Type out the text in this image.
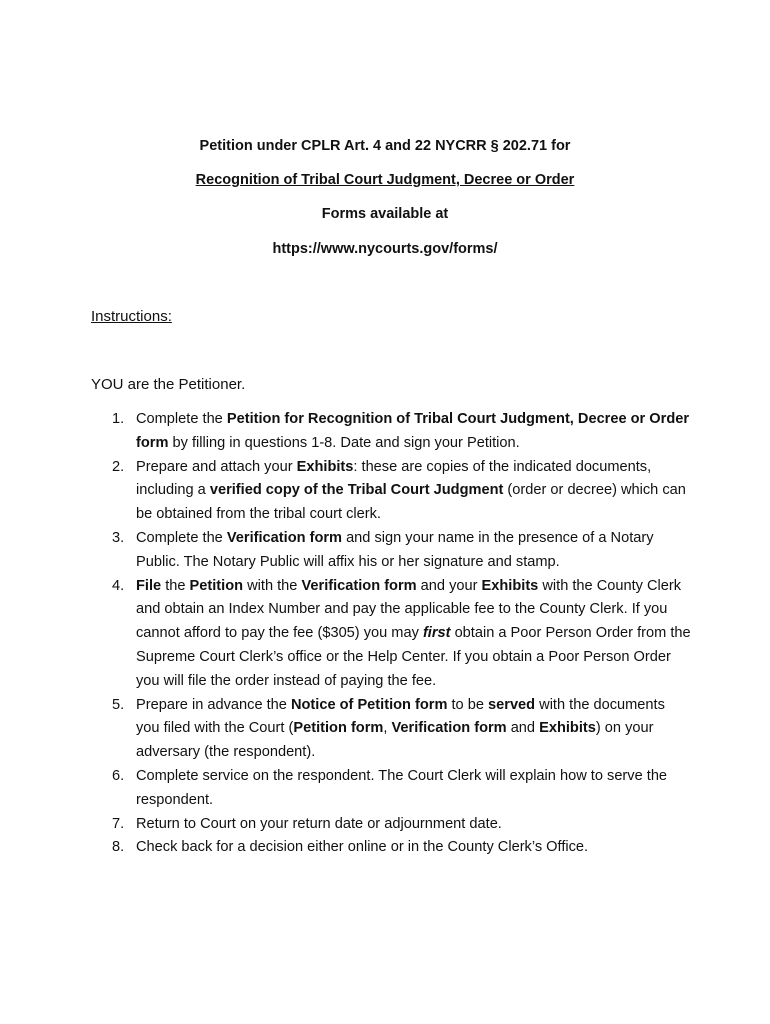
Petition under CPLR Art. 4 and 22 NYCRR § 202.71 for
Recognition of Tribal Court Judgment, Decree or Order
Forms available at
https://www.nycourts.gov/forms/
Instructions:
YOU are the Petitioner.
1. Complete the Petition for Recognition of Tribal Court Judgment, Decree or Order form by filling in questions 1-8. Date and sign your Petition.
2. Prepare and attach your Exhibits: these are copies of the indicated documents, including a verified copy of the Tribal Court Judgment (order or decree) which can be obtained from the tribal court clerk.
3. Complete the Verification form and sign your name in the presence of a Notary Public. The Notary Public will affix his or her signature and stamp.
4. File the Petition with the Verification form and your Exhibits with the County Clerk and obtain an Index Number and pay the applicable fee to the County Clerk. If you cannot afford to pay the fee ($305) you may first obtain a Poor Person Order from the Supreme Court Clerk’s office or the Help Center. If you obtain a Poor Person Order you will file the order instead of paying the fee.
5. Prepare in advance the Notice of Petition form to be served with the documents you filed with the Court (Petition form, Verification form and Exhibits) on your adversary (the respondent).
6. Complete service on the respondent. The Court Clerk will explain how to serve the respondent.
7. Return to Court on your return date or adjournment date.
8. Check back for a decision either online or in the County Clerk’s Office.
